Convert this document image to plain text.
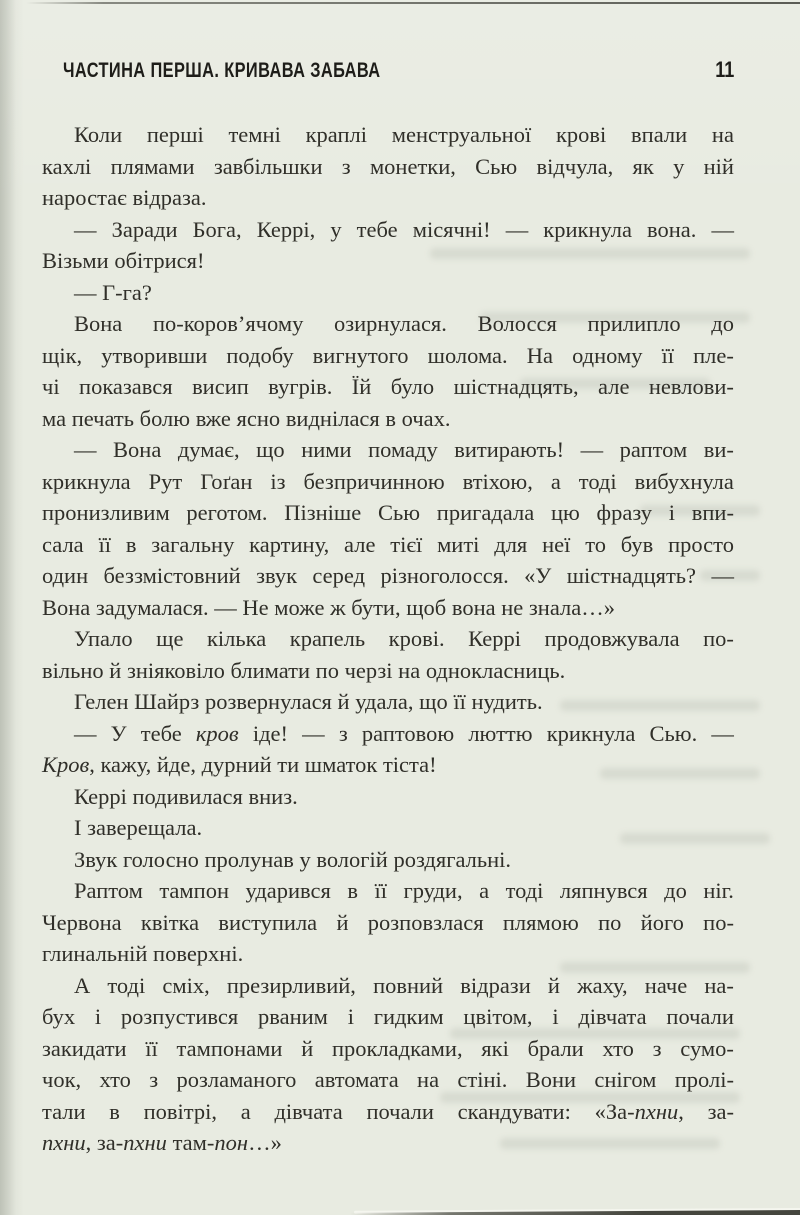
ЧАСТИНА ПЕРША. КРИВАВА ЗАБАВА	11
Коли перші темні краплі менструальної крові впали на
кахлі плямами завбільшки з монетки, Сью відчула, як у ній
наростає відраза.
— Заради Бога, Керрі, у тебе місячні! — крикнула вона. —
Візьми обітрися!
— Г-га?
Вона по-коров’ячому озирнулася. Волосся прилипло до
щік, утворивши подобу вигнутого шолома. На одному її пле-
чі показався висип вугрів. Їй було шістнадцять, але невлови-
ма печать болю вже ясно виднілася в очах.
— Вона думає, що ними помаду витирають! — раптом ви-
крикнула Рут Гоґан із безпричинною втіхою, а тоді вибухнула
пронизливим реготом. Пізніше Сью пригадала цю фразу і впи-
сала її в загальну картину, але тієї миті для неї то був просто
один беззмістовний звук серед різноголосся. «У шістнадцять? —
Вона задумалася. — Не може ж бути, щоб вона не знала…»
Упало ще кілька крапель крові. Керрі продовжувала по-
вільно й зніяковіло блимати по черзі на однокласниць.
Гелен Шайрз розвернулася й удала, що її нудить.
— У тебе кров іде! — з раптовою люттю крикнула Сью. —
Кров, кажу, йде, дурний ти шматок тіста!
Керрі подивилася вниз.
І заверещала.
Звук голосно пролунав у вологій роздягальні.
Раптом тампон ударився в її груди, а тоді ляпнувся до ніг.
Червона квітка виступила й розповзлася плямою по його по-
глинальній поверхні.
А тоді сміх, презирливий, повний відрази й жаху, наче на-
бух і розпустився рваним і гидким цвітом, і дівчата почали
закидати її тампонами й прокладками, які брали хто з сумо-
чок, хто з розламаного автомата на стіні. Вони снігом пролі-
тали в повітрі, а дівчата почали скандувати: «За-пхни, за-
пхни, за-пхни там-пон…»
